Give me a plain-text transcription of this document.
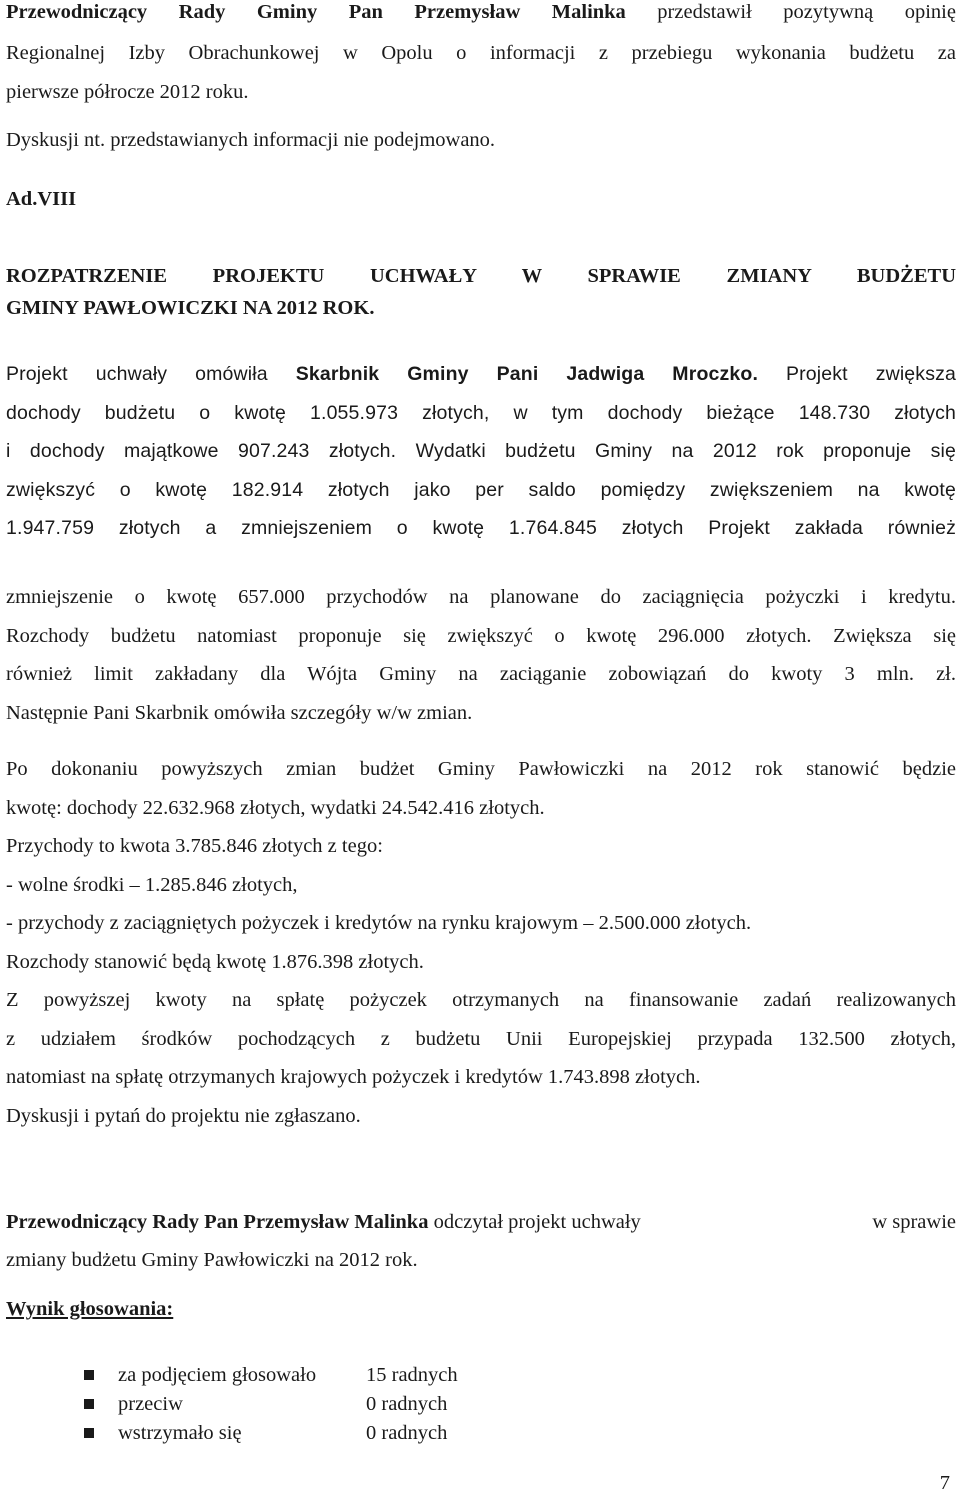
Przewodniczący Rady Gminy Pan Przemysław Malinka przedstawił pozytywną opinię

Regionalnej Izby Obrachunkowej w Opolu o informacji z przebiegu wykonania budżetu za

pierwsze półrocze 2012 roku.

Dyskusji nt. przedstawianych informacji nie podejmowano.

Ad.VIII

ROZPATRZENIE PROJEKTU UCHWAŁY W SPRAWIE ZMIANY BUDŻETU

GMINY PAWŁOWICZKI NA 2012 ROK.

Projekt uchwały omówiła Skarbnik Gminy Pani Jadwiga Mroczko. Projekt zwiększa

dochody budżetu o kwotę 1.055.973 złotych, w tym dochody bieżące 148.730 złotych

i dochody majątkowe 907.243 złotych. Wydatki budżetu Gminy na 2012 rok proponuje się

zwiększyć o kwotę 182.914 złotych jako per saldo pomiędzy zwiększeniem na kwotę

1.947.759 złotych a zmniejszeniem o kwotę 1.764.845 złotych Projekt zakłada również

zmniejszenie o kwotę 657.000 przychodów na planowane do zaciągnięcia pożyczki i kredytu.

Rozchody budżetu natomiast proponuje się zwiększyć o kwotę 296.000 złotych. Zwiększa się

również limit zakładany dla Wójta Gminy na zaciąganie zobowiązań do kwoty 3 mln. zł.

Następnie Pani Skarbnik omówiła szczegóły w/w zmian.

Po dokonaniu powyższych zmian budżet Gminy Pawłowiczki na 2012 rok stanowić będzie

kwotę: dochody 22.632.968 złotych, wydatki 24.542.416 złotych.

Przychody to kwota 3.785.846 złotych z tego:

- wolne środki – 1.285.846 złotych,

- przychody z zaciągniętych pożyczek i kredytów na rynku krajowym – 2.500.000 złotych.

Rozchody stanowić będą kwotę 1.876.398 złotych.

Z powyższej kwoty na spłatę pożyczek otrzymanych na finansowanie zadań realizowanych

z udziałem środków pochodzących z budżetu Unii Europejskiej przypada 132.500 złotych,

natomiast na spłatę otrzymanych krajowych pożyczek i kredytów 1.743.898 złotych.

Dyskusji i pytań do projektu nie zgłaszano.

Przewodniczący Rady Pan Przemysław Malinka odczytał projekt uchwały	w sprawie

zmiany budżetu Gminy Pawłowiczki na 2012 rok.

Wynik głosowania:

za podjęciem głosowało 15 radnych
przeciw	0 radnych
wstrzymało się	0 radnych
7
